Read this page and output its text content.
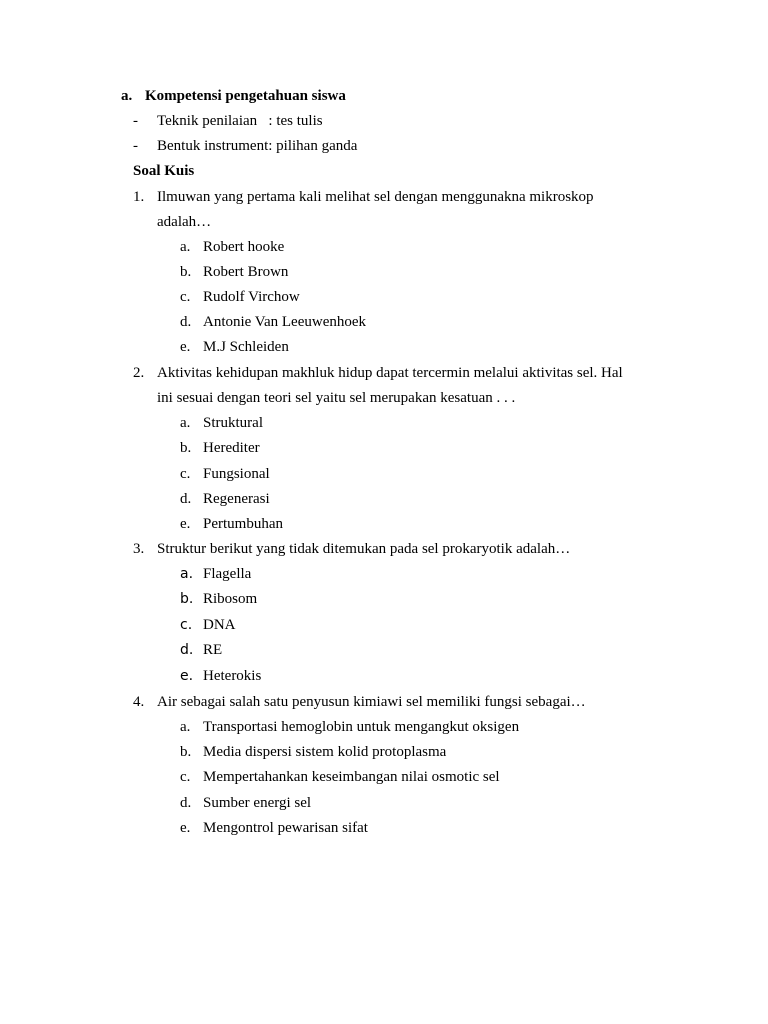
a. Kompetensi pengetahuan siswa
- Teknik penilaian   : tes tulis
- Bentuk instrument: pilihan ganda
Soal Kuis
1. Ilmuwan yang pertama kali melihat sel dengan menggunakna mikroskop
adalah…
a. Robert hooke
b. Robert Brown
c. Rudolf Virchow
d. Antonie Van Leeuwenhoek
e. M.J Schleiden
2. Aktivitas kehidupan makhluk hidup dapat tercermin melalui aktivitas sel. Hal
ini sesuai dengan teori sel yaitu sel merupakan kesatuan . . .
a. Struktural
b. Herediter
c. Fungsional
d. Regenerasi
e. Pertumbuhan
3. Struktur berikut yang tidak ditemukan pada sel prokaryotik adalah…
a. Flagella
b. Ribosom
c. DNA
d. RE
e. Heterokis
4. Air sebagai salah satu penyusun kimiawi sel memiliki fungsi sebagai…
a. Transportasi hemoglobin untuk mengangkut oksigen
b. Media dispersi sistem kolid protoplasma
c. Mempertahankan keseimbangan nilai osmotic sel
d. Sumber energi sel
e. Mengontrol pewarisan sifat
